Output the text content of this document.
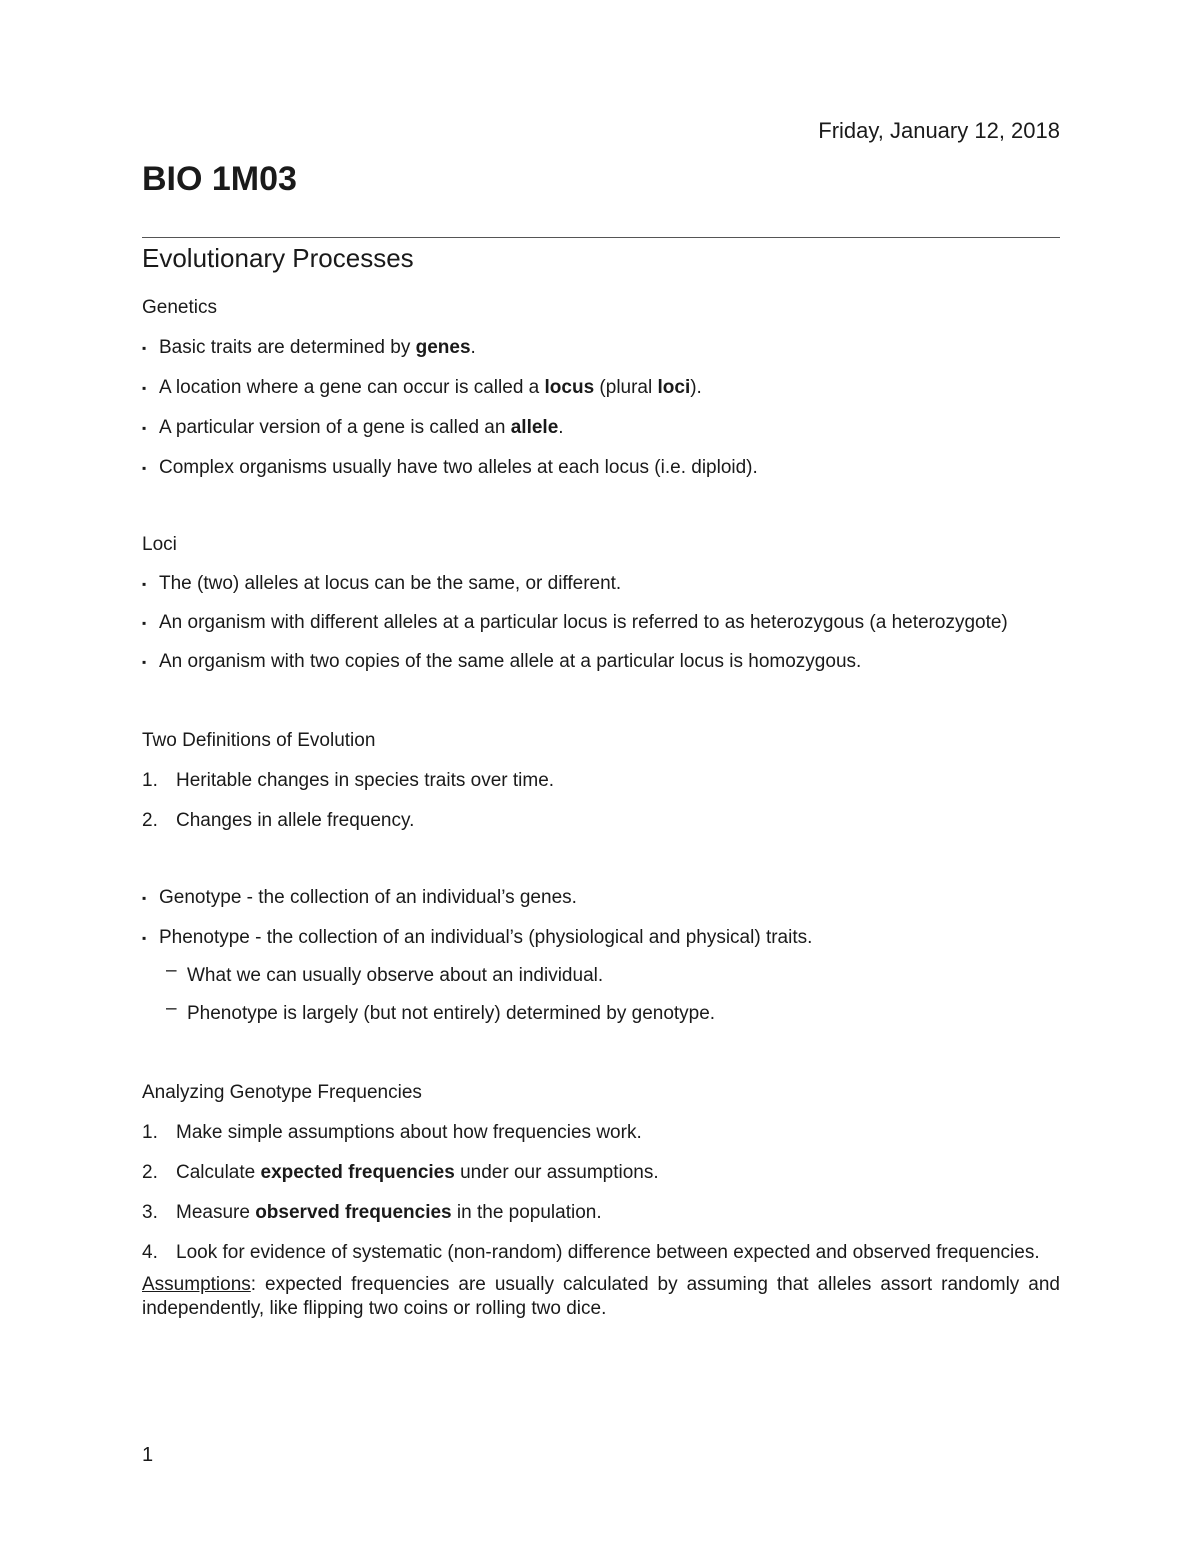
Friday, January 12, 2018
BIO 1M03
Evolutionary Processes

Genetics

▪ Basic traits are determined by genes.
▪ A location where a gene can occur is called a locus (plural loci).
▪ A particular version of a gene is called an allele.
▪ Complex organisms usually have two alleles at each locus (i.e. diploid).

Loci

▪ The (two) alleles at locus can be the same, or different.
▪ An organism with different alleles at a particular locus is referred to as heterozygous (a heterozygote)
▪ An organism with two copies of the same allele at a particular locus is homozygous.

Two Definitions of Evolution

1. Heritable changes in species traits over time.
2. Changes in allele frequency.
▪ Genotype - the collection of an individual’s genes.
▪ Phenotype - the collection of an individual’s (physiological and physical) traits.
– What we can usually observe about an individual.
– Phenotype is largely (but not entirely) determined by genotype.

Analyzing Genotype Frequencies

1. Make simple assumptions about how frequencies work.
2. Calculate expected frequencies under our assumptions.
3. Measure observed frequencies in the population.
4. Look for evidence of systematic (non-random) difference between expected and observed frequencies.

Assumptions: expected frequencies are usually calculated by assuming that alleles assort randomly and independently, like flipping two coins or rolling two dice.

1
